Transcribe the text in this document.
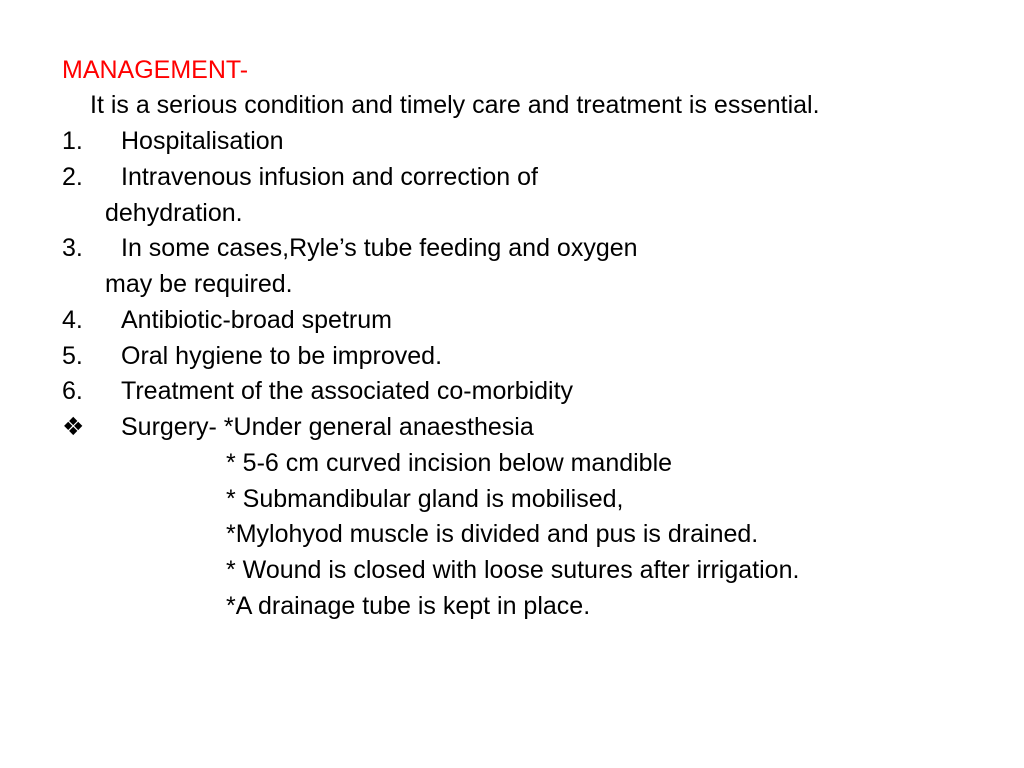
MANAGEMENT-
It is a serious condition and timely care and treatment is essential.
1. Hospitalisation
2. Intravenous infusion and correction of
dehydration.
3. In some cases,Ryle’s tube feeding and oxygen
may be required.
4. Antibiotic-broad spetrum
5. Oral hygiene to be improved.
6. Treatment of the associated co-morbidity
❖ Surgery- *Under general anaesthesia
* 5-6 cm curved incision below mandible
* Submandibular gland is mobilised,
*Mylohyod muscle is divided and pus is drained.
* Wound is closed with loose sutures after irrigation.
*A drainage tube is kept in place.
